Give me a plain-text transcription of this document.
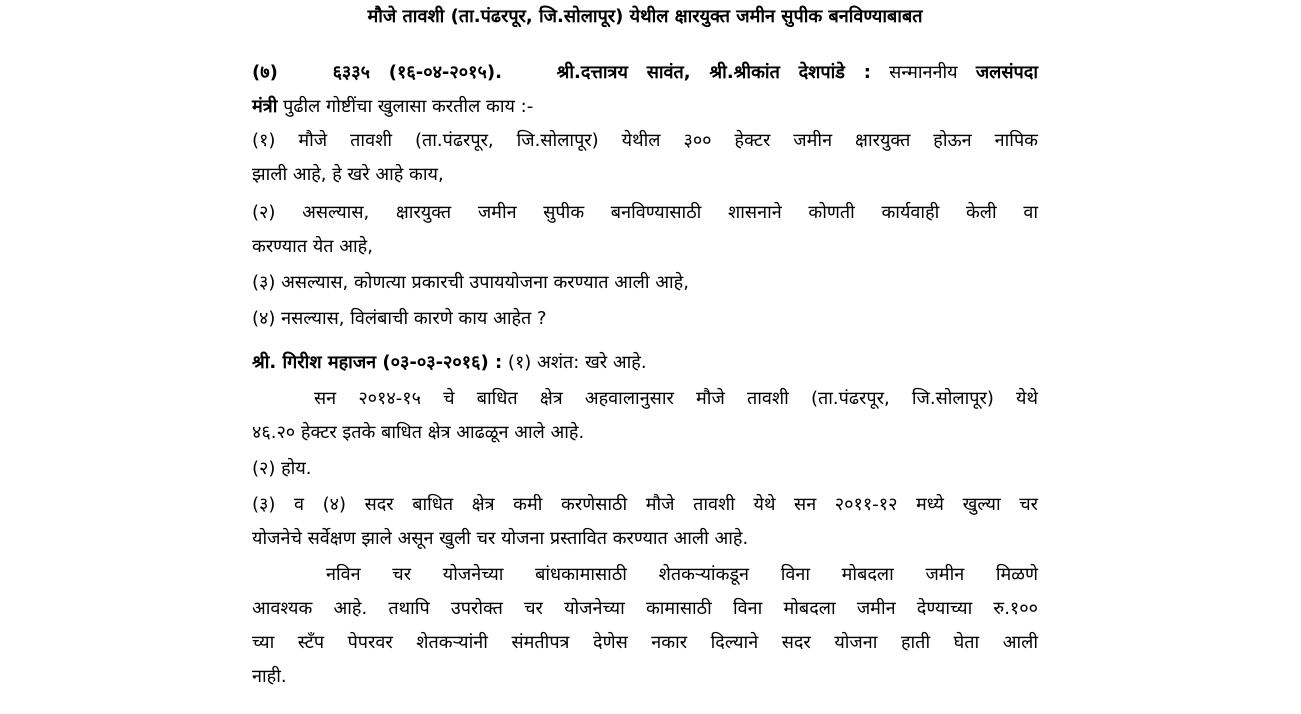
मौजे तावशी (ता.पंढरपूर, जि.सोलापूर) येथील क्षारयुक्त जमीन सुपीक बनविण्याबाबत
(७)	६३३५ (१६-०४-२०१५).	श्री.दत्तात्रय सावंत, श्री.श्रीकांत देशपांडे : सन्माननीय जलसंपदा
मंत्री पुढील गोष्टींचा खुलासा करतील काय :-
(१) मौजे तावशी (ता.पंढरपूर, जि.सोलापूर) येथील ३०० हेक्टर जमीन क्षारयुक्त होऊन नापिक
झाली आहे, हे खरे आहे काय,
(२) असल्यास, क्षारयुक्त जमीन सुपीक बनविण्यासाठी शासनाने कोणती कार्यवाही केली वा
करण्यात येत आहे,
(३) असल्यास, कोणत्या प्रकारची उपाययोजना करण्यात आली आहे,
(४) नसल्यास, विलंबाची कारणे काय आहेत ?
श्री. गिरीश महाजन (०३-०३-२०१६) : (१) अशंत: खरे आहे.
सन २०१४-१५ चे बाधित क्षेत्र अहवालानुसार मौजे तावशी (ता.पंढरपूर, जि.सोलापूर) येथे
४६.२० हेक्टर इतके बाधित क्षेत्र आढळून आले आहे.
(२) होय.
(३) व (४) सदर बाधित क्षेत्र कमी करणेसाठी मौजे तावशी येथे सन २०११-१२ मध्ये खुल्या चर
योजनेचे सर्वेक्षण झाले असून खुली चर योजना प्रस्तावित करण्यात आली आहे.
नविन चर योजनेच्या बांधकामासाठी शेतकऱ्यांकडून विना मोबदला जमीन मिळणे
आवश्यक आहे. तथापि उपरोक्त चर योजनेच्या कामासाठी विना मोबदला जमीन देण्याच्या रु.१००
च्या स्टँप पेपरवर शेतकऱ्यांनी संमतीपत्र देणेस नकार दिल्याने सदर योजना हाती घेता आली
नाही.
